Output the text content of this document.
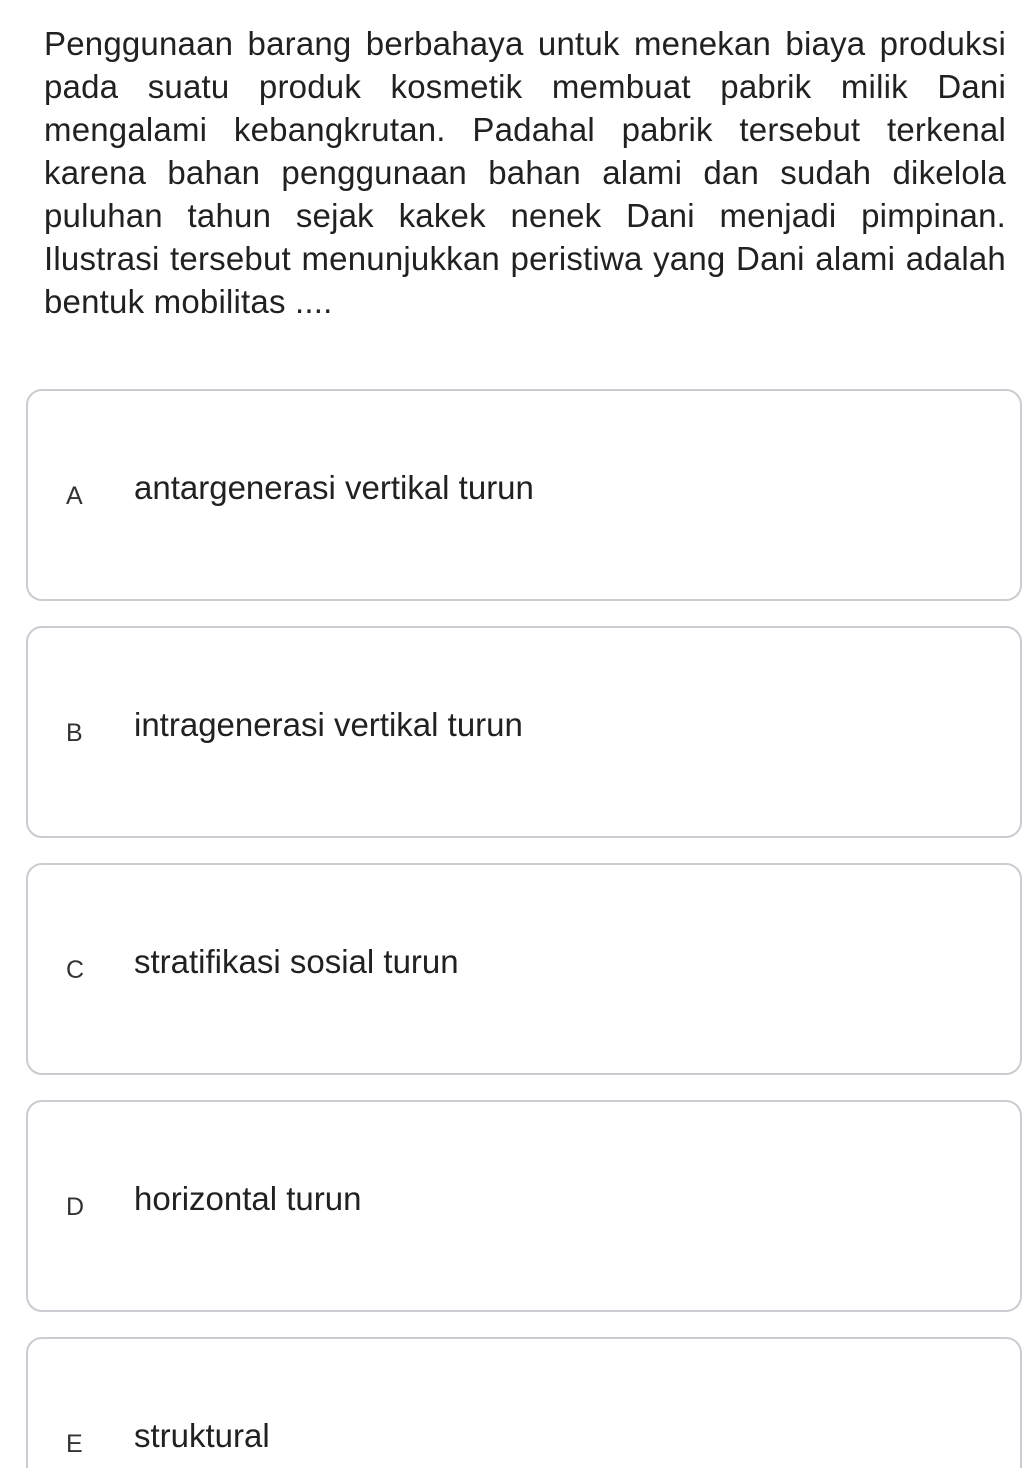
Penggunaan barang berbahaya untuk menekan biaya produksi pada suatu produk kosmetik membuat pabrik milik Dani mengalami kebangkrutan. Padahal pabrik tersebut terkenal karena bahan penggunaan bahan alami dan sudah dikelola puluhan tahun sejak kakek nenek Dani menjadi pimpinan. Ilustrasi tersebut menunjukkan peristiwa yang Dani alami adalah bentuk mobilitas ....
A antargenerasi vertikal turun
B intragenerasi vertikal turun
C stratifikasi sosial turun
D horizontal turun
E struktural
